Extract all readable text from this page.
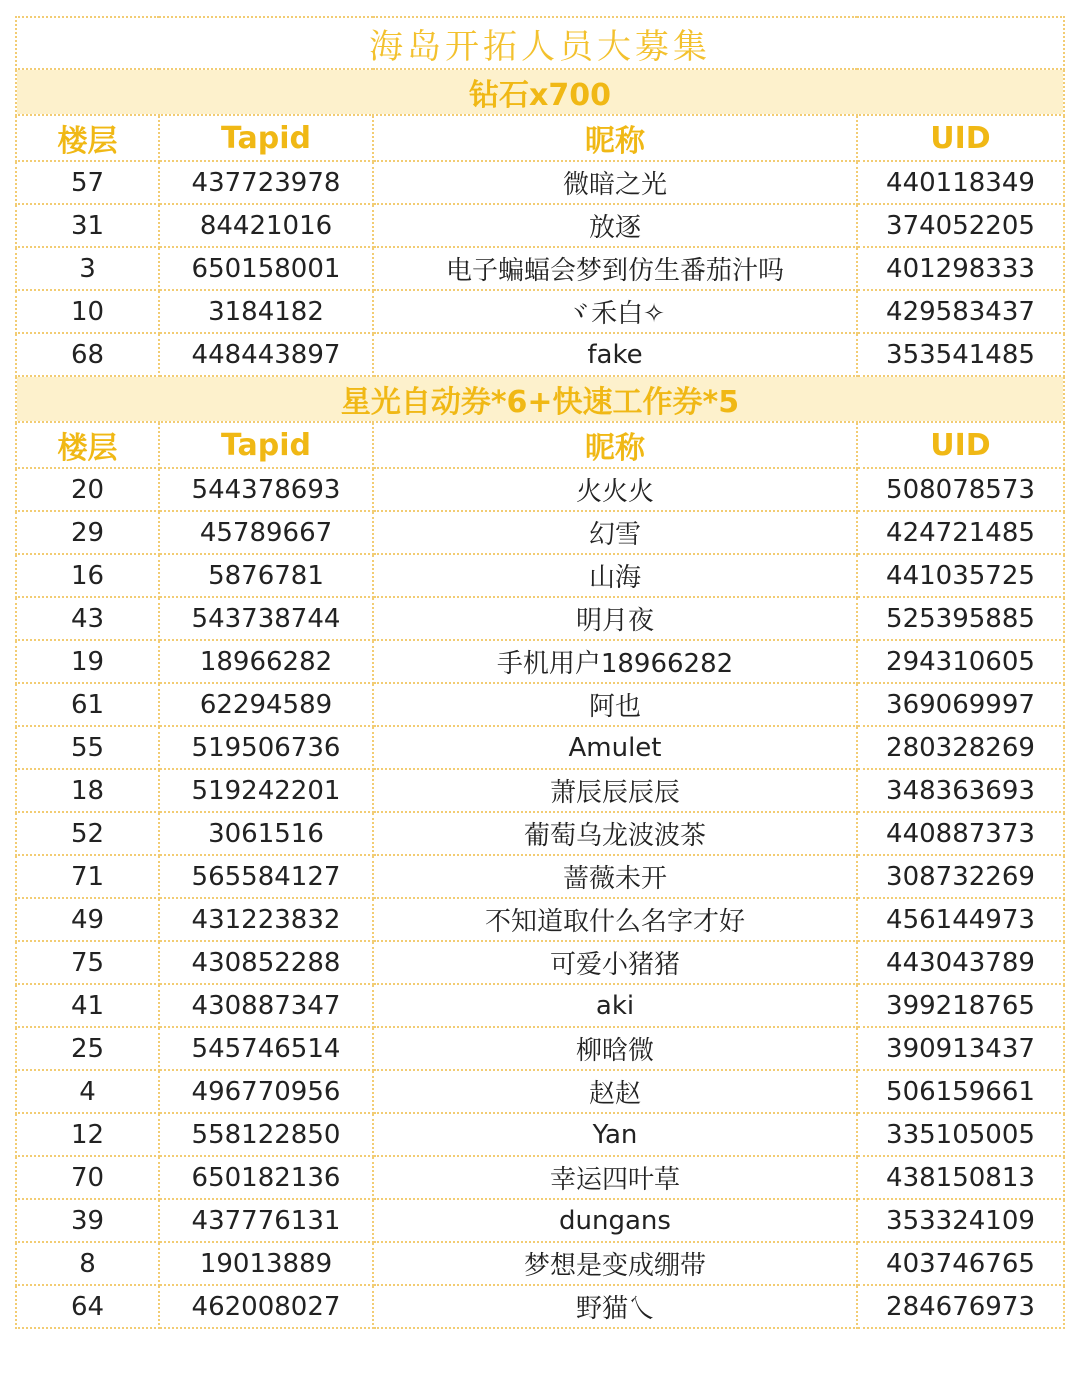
海岛开拓人员大募集			
钻石x700			
楼层	Tapid	昵称	UID
57	437723978	微暗之光	440118349
31	84421016	放逐	374052205
3	650158001	电子蝙蝠会梦到仿生番茄汁吗	401298333
10	3184182	ヾ禾白✧	429583437
68	448443897	fake	353541485
星光自动券*6+快速工作券*5			
楼层	Tapid	昵称	UID
20	544378693	火火火	508078573
29	45789667	幻雪	424721485
16	5876781	山海	441035725
43	543738744	明月夜	525395885
19	18966282	手机用户18966282	294310605
61	62294589	阿也	369069997
55	519506736	Amulet	280328269
18	519242201	萧辰辰辰辰	348363693
52	3061516	葡萄乌龙波波茶	440887373
71	565584127	蔷薇未开	308732269
49	431223832	不知道取什么名字才好	456144973
75	430852288	可爱小猪猪	443043789
41	430887347	aki	399218765
25	545746514	柳晗微	390913437
4	496770956	赵赵	506159661
12	558122850	Yan	335105005
70	650182136	幸运四叶草	438150813
39	437776131	dungans	353324109
8	19013889	梦想是变成绷带	403746765
64	462008027	野猫乀	284676973
